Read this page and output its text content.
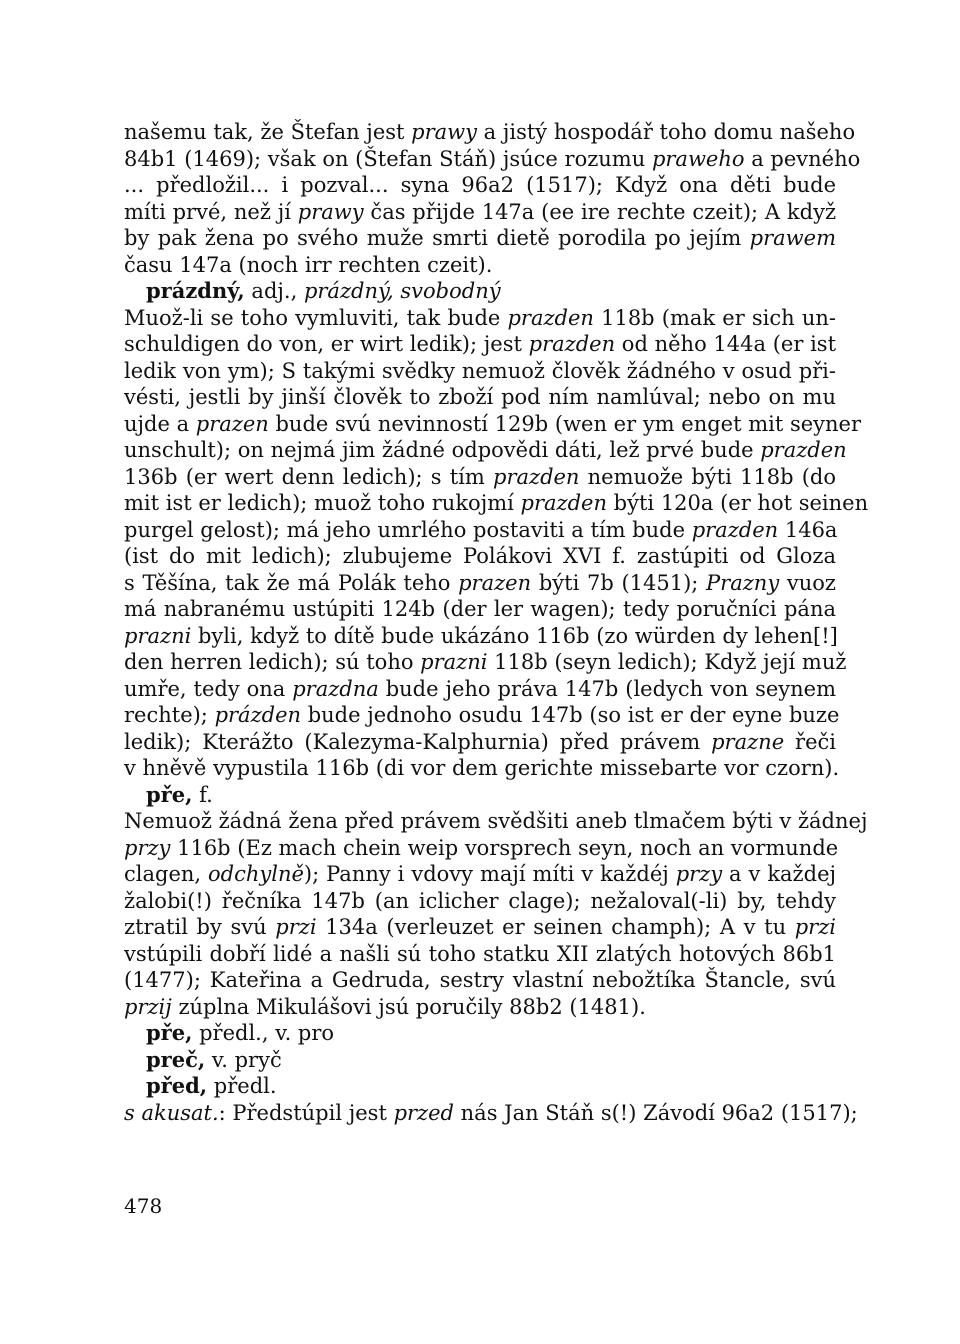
našemu tak, že Štefan jest prawy a jistý hospodář toho domu našeho
84b1 (1469); však on (Štefan Stáň) jsúce rozumu praweho a pevného
... předložil... i pozval... syna 96a2 (1517); Když ona děti bude
míti prvé, než jí prawy čas přijde 147a (ee ire rechte czeit); A když
by pak žena po svého muže smrti dietě porodila po jejím prawem
času 147a (noch irr rechten czeit).
prázdný, adj., prázdný, svobodný
Muož-li se toho vymluviti, tak bude prazden 118b (mak er sich un-
schuldigen do von, er wirt ledik); jest prazden od něho 144a (er ist
ledik von ym); S takými svědky nemuož člověk žádného v osud při-
vésti, jestli by jinší člověk to zboží pod ním namlúval; nebo on mu
ujde a prazen bude svú nevinností 129b (wen er ym enget mit seyner
unschult); on nejmá jim žádné odpovědi dáti, lež prvé bude prazden
136b (er wert denn ledich); s tím prazden nemuože býti 118b (do
mit ist er ledich); muož toho rukojmí prazden býti 120a (er hot seinen
purgel gelost); má jeho umrlého postaviti a tím bude prazden 146a
(ist do mit ledich); zlubujeme Polákovi XVI f. zastúpiti od Gloza
s Těšína, tak že má Polák teho prazen býti 7b (1451); Prazny vuoz
má nabranému ustúpiti 124b (der ler wagen); tedy poručníci pána
prazni byli, když to dítě bude ukázáno 116b (zo würden dy lehen[!]
den herren ledich); sú toho prazni 118b (seyn ledich); Když její muž
umře, tedy ona prazdna bude jeho práva 147b (ledych von seynem
rechte); prázden bude jednoho osudu 147b (so ist er der eyne buze
ledik); Kterážto (Kalezyma-Kalphurnia) před právem prazne řeči
v hněvě vypustila 116b (di vor dem gerichte missebarte vor czorn).
pře, f.
Nemuož žádná žena před právem svědšiti aneb tlmačem býti v žádnej
przy 116b (Ez mach chein weip vorsprech seyn, noch an vormunde
clagen, odchylně); Panny i vdovy mají míti v každéj przy a v každej
žalobi(!) řečníka 147b (an iclicher clage); nežaloval(-li) by, tehdy
ztratil by svú przi 134a (verleuzet er seinen champh); A v tu przi
vstúpili dobří lidé a našli sú toho statku XII zlatých hotových 86b1
(1477); Kateřina a Gedruda, sestry vlastní nebožtíka Štancle, svú
przij zúplna Mikulášovi jsú poručily 88b2 (1481).
pře, předl., v. pro
preč, v. pryč
před, předl.
s akusat.: Předstúpil jest przed nás Jan Stáň s(!) Závodí 96a2 (1517);
478
